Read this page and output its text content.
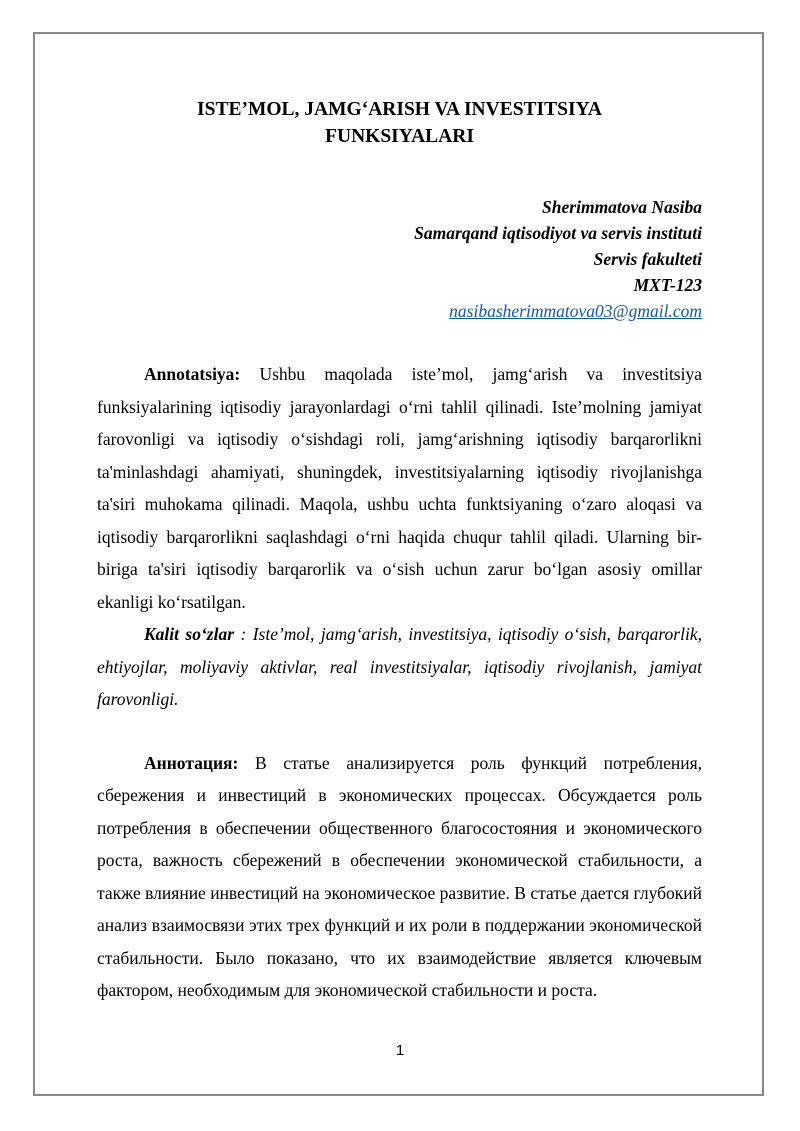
ISTE’MOL, JAMG‘ARISH VA INVESTITSIYA
FUNKSIYALARI
Sherimmatova Nasiba
Samarqand iqtisodiyot va servis instituti
Servis fakulteti
MXT-123
nasibasherimmatova03@gmail.com

Annotatsiya: Ushbu maqolada iste’mol, jamg‘arish va investitsiya funksiyalarining iqtisodiy jarayonlardagi o‘rni tahlil qilinadi. Iste’molning jamiyat farovonligi va iqtisodiy o‘sishdagi roli, jamg‘arishning iqtisodiy barqarorlikni ta'minlashdagi ahamiyati, shuningdek, investitsiyalarning iqtisodiy rivojlanishga ta'siri muhokama qilinadi. Maqola, ushbu uchta funktsiyaning o‘zaro aloqasi va iqtisodiy barqarorlikni saqlashdagi o‘rni haqida chuqur tahlil qiladi. Ularning bir-biriga ta'siri iqtisodiy barqarorlik va o‘sish uchun zarur bo‘lgan asosiy omillar ekanligi ko‘rsatilgan.

Kalit so‘zlar : Iste’mol, jamg‘arish, investitsiya, iqtisodiy o‘sish, barqarorlik, ehtiyojlar, moliyaviy aktivlar, real investitsiyalar, iqtisodiy rivojlanish, jamiyat farovonligi.

Аннотация: В статье анализируется роль функций потребления, сбережения и инвестиций в экономических процессах. Обсуждается роль потребления в обеспечении общественного благосостояния и экономического роста, важность сбережений в обеспечении экономической стабильности, а также влияние инвестиций на экономическое развитие. В статье дается глубокий анализ взаимосвязи этих трех функций и их роли в поддержании экономической стабильности. Было показано, что их взаимодействие является ключевым фактором, необходимым для экономической стабильности и роста.

1
